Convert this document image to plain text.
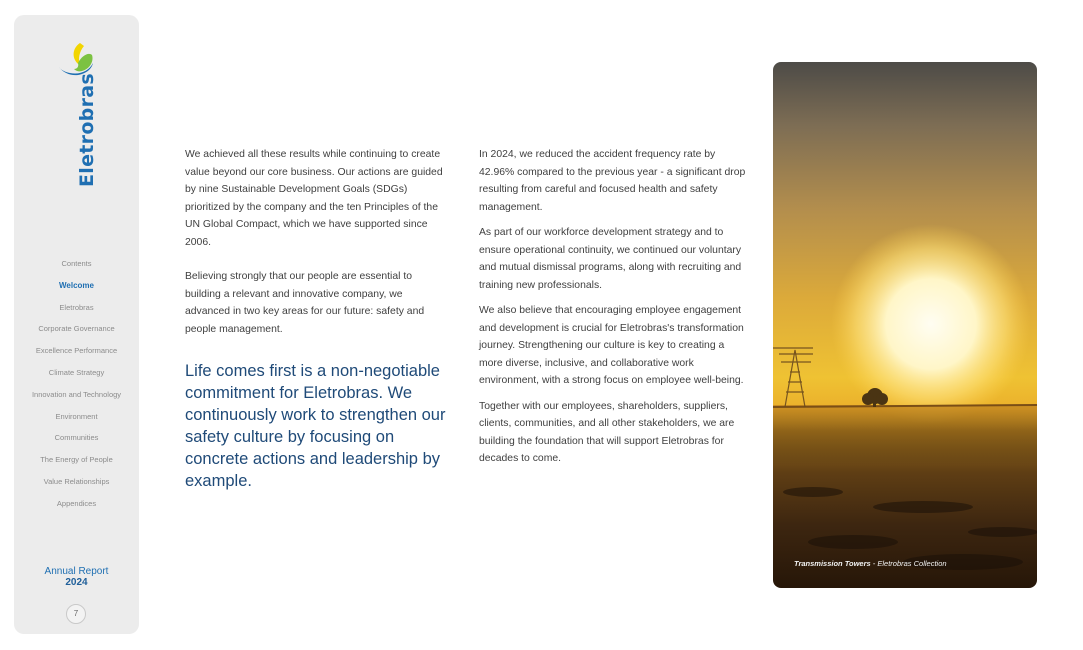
Eletrobras
Contents
Welcome
Eletrobras
Corporate Governance
Excellence Performance
Climate Strategy
Innovation and Technology
Environment
Communities
The Energy of People
Value Relationships
Appendices
Annual Report
2024
7

We achieved all these results while continuing to create value beyond our core business. Our actions are guided by nine Sustainable Development Goals (SDGs) prioritized by the company and the ten Principles of the UN Global Compact, which we have supported since 2006.

Believing strongly that our people are essential to building a relevant and innovative company, we advanced in two key areas for our future: safety and people management.

Life comes first is a non-negotiable commitment for Eletrobras. We continuously work to strengthen our safety culture by focusing on concrete actions and leadership by example.

In 2024, we reduced the accident frequency rate by 42.96% compared to the previous year - a significant drop resulting from careful and focused health and safety management.

As part of our workforce development strategy and to ensure operational continuity, we continued our voluntary and mutual dismissal programs, along with recruiting and training new professionals.

We also believe that encouraging employee engagement and development is crucial for Eletrobras's transformation journey. Strengthening our culture is key to creating a more diverse, inclusive, and collaborative work environment, with a strong focus on employee well-being.

Together with our employees, shareholders, suppliers, clients, communities, and all other stakeholders, we are building the foundation that will support Eletrobras for decades to come.

Transmission Towers - Eletrobras Collection
